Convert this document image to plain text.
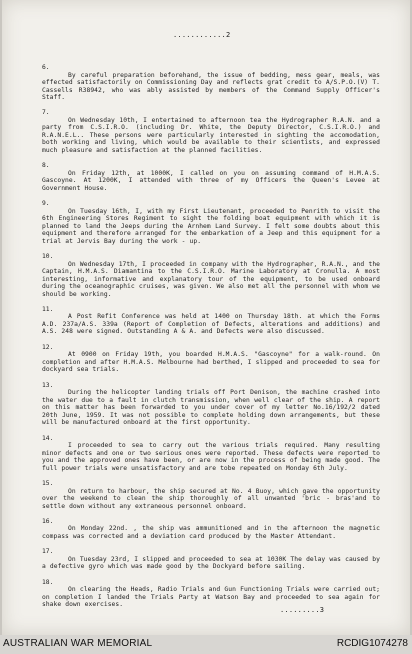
............2
6.

By careful preparation beforehand, the issue of bedding, mess gear, meals, was effected satisfactorily on Commissioning Day and reflects grat credit to A/S.P.O.(V) T. Cassells R38942, who was ably assisted by members of the Command Supply Officer's Staff.

7.

On Wednesday 10th, I entertained to afternoon tea the Hydrographer R.A.N. and a party from C.S.I.R.O. (including Dr. White, the Deputy Director, C.S.I.R.O.) and R.A.N.E.L.. These persons were particularly interested in sighting the accomodation, both working and living, which would be available to their scientists, and expressed much pleasure and satisfaction at the planned facilities.

8.

On Friday 12th, at 1000K, I called on you on assuming command of H.M.A.S. Gascoyne. At 1200K, I attended with three of my Officers the Queen's Levee at Government House.

9.

On Tuesday 16th, I, with my First Lieutenant, proceeded to Penrith to visit the 6th Engineering Stores Regiment to sight the folding boat equipment with which it is planned to land the Jeeps during the Arnhem Land Survey. I felt some doubts about this equipment and therefore arranged for the embarkation of a Jeep and this equipment for a trial at Jervis Bay during the work - up.

10.

On Wednesday 17th, I proceeded in company with the Hydrographer, R.A.N., and the Captain, H.M.A.S. Diamantina to the C.S.I.R.O. Marine Laboratory at Cronulla. A most interesting, informative and explanatory tour of the equipment, to be used onboard during the oceanographic cruises, was given. We also met all the personnel with whom we should be working.

11.

A Post Refit Conference was held at 1400 on Thursday 18th. at which the Forms A.D. 237a/A.S. 339a (Report of Completion of Defects, alterations and additions) and A.S. 248 were signed. Outstanding A & A. and Defects were also discussed.

12.

At 0900 on Friday 19th, you boarded H.M.A.S. "Gascoyne" for a walk-round. On completion and after H.M.A.S. Melbourne had berthed, I slipped and proceeded to sea for dockyard sea trials.

13.

During the helicopter landing trials off Port Denison, the machine crashed into the water due to a fault in clutch transmission, when well clear of the ship. A report on this matter has been forwarded to you under cover of my letter No.16/192/2 dated 20th June, 1959. It was not possible to complete holding down arrangements, but these will be manufactured onboard at the first opportunity.

14.

I proceeded to sea to carry out the various trials required. Many resulting minor defects and one or two serious ones were reported. These defects were reported to you and the approved ones have been, or are now in the process of being made good. The full power trials were unsatisfactory and are tobe repeated on Monday 6th July.

15.

On return to harbour, the ship secured at No. 4 Buoy, which gave the opportunity over the weekend to clean the ship thoroughly of all unwanted 'bric - bras'and to settle down without any extraneous personnel onboard.

16.

On Monday 22nd. , the ship was ammunitioned and in the afternoon the magnetic compass was corrected and a deviation card produced by the Master Attendant.

17.

On Tuesday 23rd, I slipped and proceeded to sea at 1030K The delay was caused by a defective gyro which was made good by the Dockyard before sailing.

18.

On clearing the Heads, Radio Trials and Gun Functioning Trials were carried out; on completion I landed the Trials Party at Watson Bay and proceeded to sea again for shake down exercises.

.........3
AUSTRALIAN WAR MEMORIAL	RCDIG1074278
